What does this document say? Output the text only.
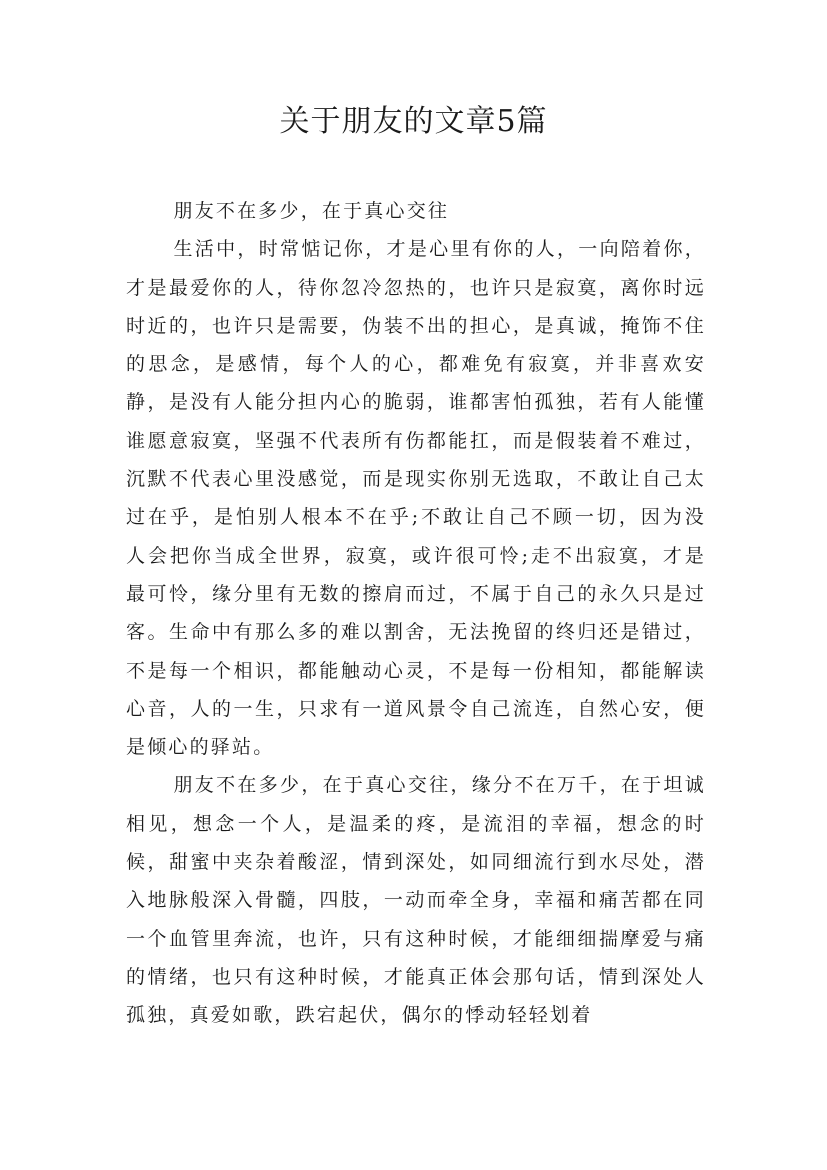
关于朋友的文章5篇

朋友不在多少，在于真心交往

生活中，时常惦记你，才是心里有你的人，一向陪着你，才是最爱你的人，待你忽冷忽热的，也许只是寂寞，离你时远时近的，也许只是需要，伪装不出的担心，是真诚，掩饰不住的思念，是感情，每个人的心，都难免有寂寞，并非喜欢安静，是没有人能分担内心的脆弱，谁都害怕孤独，若有人能懂谁愿意寂寞，坚强不代表所有伤都能扛，而是假装着不难过，沉默不代表心里没感觉，而是现实你别无选取，不敢让自己太过在乎，是怕别人根本不在乎;不敢让自己不顾一切，因为没人会把你当成全世界，寂寞，或许很可怜;走不出寂寞，才是最可怜，缘分里有无数的擦肩而过，不属于自己的永久只是过客。生命中有那么多的难以割舍，无法挽留的终归还是错过，不是每一个相识，都能触动心灵，不是每一份相知，都能解读心音，人的一生，只求有一道风景令自己流连，自然心安，便是倾心的驿站。

朋友不在多少，在于真心交往，缘分不在万千，在于坦诚相见，想念一个人，是温柔的疼，是流泪的幸福，想念的时候，甜蜜中夹杂着酸涩，情到深处，如同细流行到水尽处，潜入地脉般深入骨髓，四肢，一动而牵全身，幸福和痛苦都在同一个血管里奔流，也许，只有这种时候，才能细细揣摩爱与痛的情绪，也只有这种时候，才能真正体会那句话，情到深处人孤独，真爱如歌，跌宕起伏，偶尔的悸动轻轻划着
